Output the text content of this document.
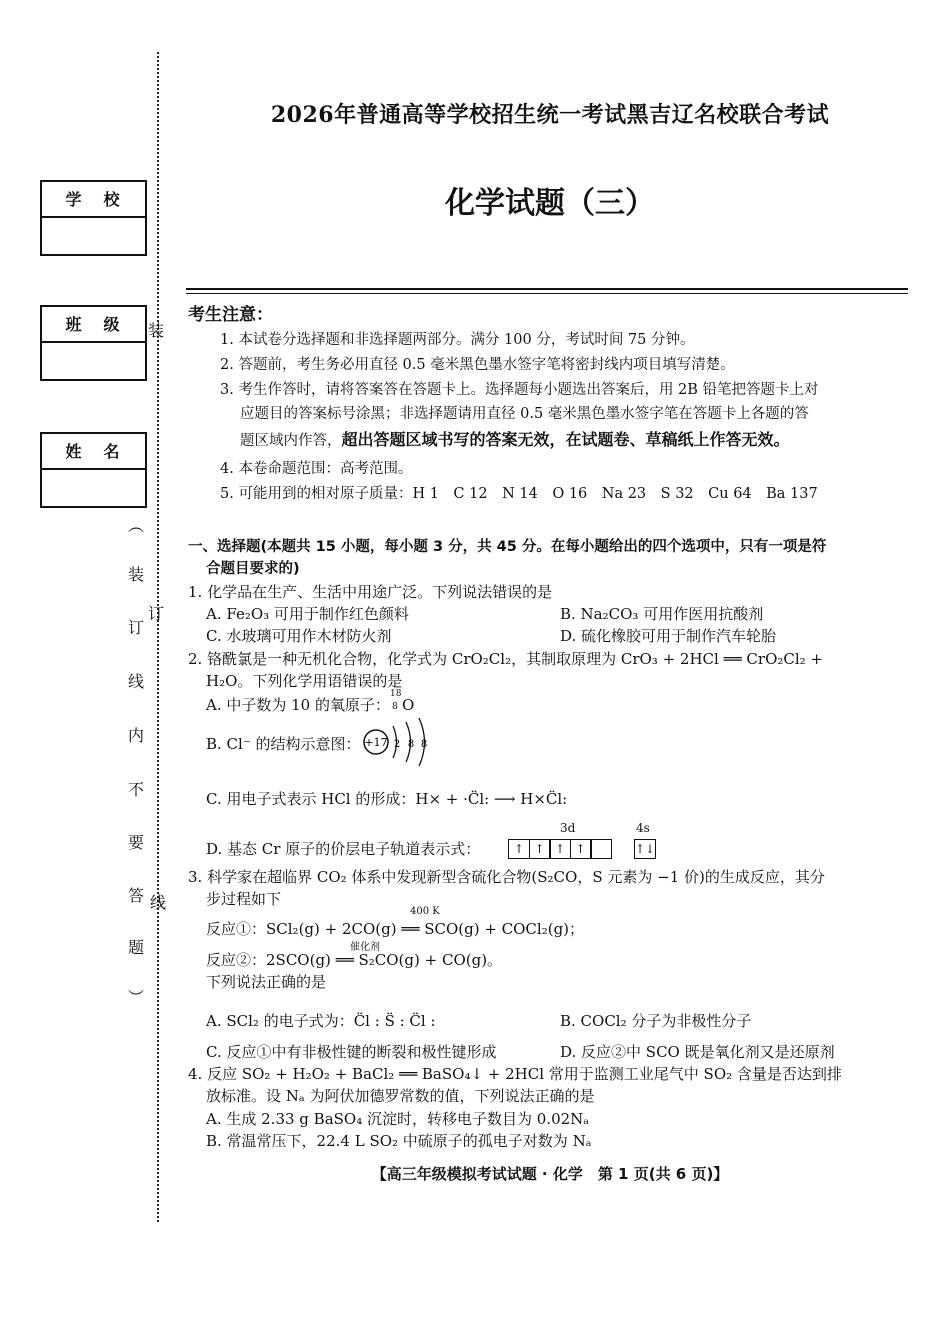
学校
班级
姓名
︵
装
订
线
内
不
要
答
题
︶
装
订
线
2026年普通高等学校招生统一考试黑吉辽名校联合考试
化学试题（三）
考生注意：
1. 本试卷分选择题和非选择题两部分。满分 100 分，考试时间 75 分钟。
2. 答题前，考生务必用直径 0.5 毫米黑色墨水签字笔将密封线内项目填写清楚。
3. 考生作答时，请将答案答在答题卡上。选择题每小题选出答案后，用 2B 铅笔把答题卡上对
应题目的答案标号涂黑；非选择题请用直径 0.5 毫米黑色墨水签字笔在答题卡上各题的答
题区域内作答，超出答题区域书写的答案无效，在试题卷、草稿纸上作答无效。
4. 本卷命题范围：高考范围。
5. 可能用到的相对原子质量：H 1　C 12　N 14　O 16　Na 23　S 32　Cu 64　Ba 137
一、选择题(本题共 15 小题，每小题 3 分，共 45 分。在每小题给出的四个选项中，只有一项是符
合题目要求的)
1. 化学品在生产、生活中用途广泛。下列说法错误的是
A. Fe₂O₃ 可用于制作红色颜料	B. Na₂CO₃ 可用作医用抗酸剂
C. 水玻璃可用作木材防火剂	D. 硫化橡胶可用于制作汽车轮胎
2. 铬酰氯是一种无机化合物，化学式为 CrO₂Cl₂，其制取原理为 CrO₃ + 2HCl ══ CrO₂Cl₂ +
H₂O。下列化学用语错误的是
A. 中子数为 10 的氧原子：
18
8 O
B. Cl⁻ 的结构示意图： +17 2 8 8
C. 用电子式表示 HCl 的形成：H× + ·C̈l: ⟶ H×C̈l:
D. 基态 Cr 原子的价层电子轨道表示式：
3d	4s
↑ ↑ ↑ ↑	↑↓
3. 科学家在超临界 CO₂ 体系中发现新型含硫化合物(S₂CO，S 元素为 −1 价)的生成反应，其分
步过程如下
400 K
反应①：SCl₂(g) + 2CO(g) ══ SCO(g) + COCl₂(g)；
催化剂
反应②：2SCO(g) ══ S₂CO(g) + CO(g)。
下列说法正确的是
A. SCl₂ 的电子式为：C̈l : S̈ : C̈l :	B. COCl₂ 分子为非极性分子
C. 反应①中有非极性键的断裂和极性键形成	D. 反应②中 SCO 既是氧化剂又是还原剂
4. 反应 SO₂ + H₂O₂ + BaCl₂ ══ BaSO₄↓ + 2HCl 常用于监测工业尾气中 SO₂ 含量是否达到排
放标准。设 Nₐ 为阿伏加德罗常数的值，下列说法正确的是
A. 生成 2.33 g BaSO₄ 沉淀时，转移电子数目为 0.02Nₐ
B. 常温常压下，22.4 L SO₂ 中硫原子的孤电子对数为 Nₐ
【高三年级模拟考试试题 · 化学　第 1 页(共 6 页)】
